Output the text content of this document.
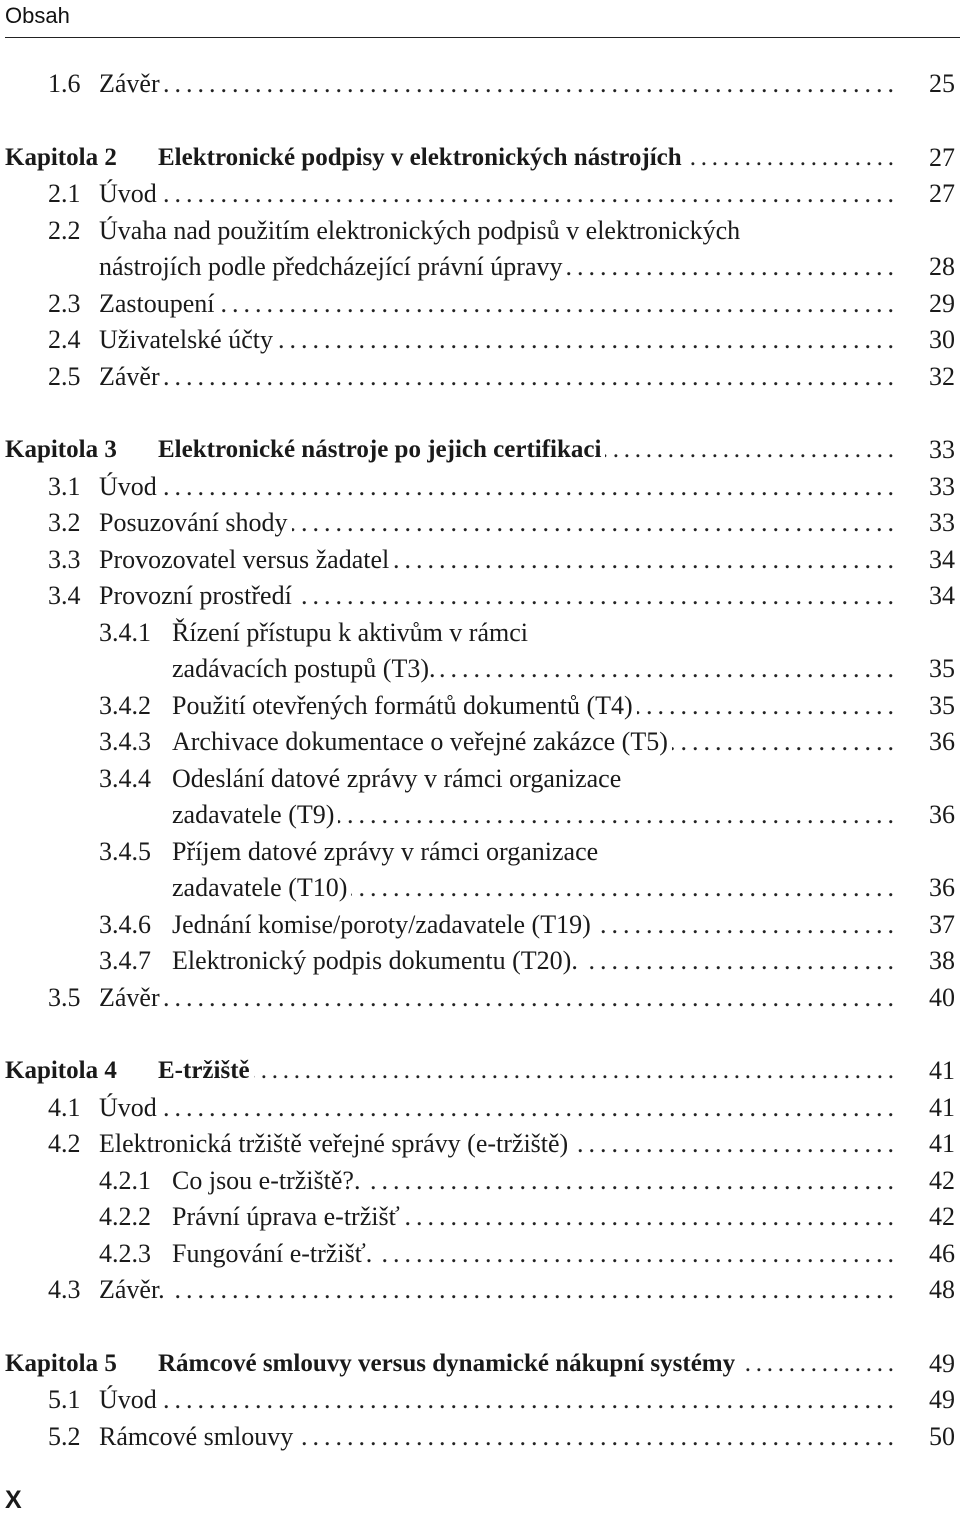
Obsah
1.6 Závěr . . .	25
Kapitola 2 Elektronické podpisy v elektronických nástrojích . . .	27
2.1 Úvod . . .	27
2.2 Úvaha nad použitím elektronických podpisů v elektronických
nástrojích podle předcházející právní úpravy . . .	28
2.3 Zastoupení . . .	29
2.4 Uživatelské účty . . .	30
2.5 Závěr . . .	32
Kapitola 3 Elektronické nástroje po jejich certifikaci . . .	33
3.1 Úvod . . .	33
3.2 Posuzování shody . . .	33
3.3 Provozovatel versus žadatel . . .	34
3.4 Provozní prostředí . . .	34
3.4.1 Řízení přístupu k aktivům v rámci
zadávacích postupů (T3). . . .	35
3.4.2 Použití otevřených formátů dokumentů (T4) . . .	35
3.4.3 Archivace dokumentace o veřejné zakázce (T5) . . .	36
3.4.4 Odeslání datové zprávy v rámci organizace
zadavatele (T9) . . .	36
3.4.5 Příjem datové zprávy v rámci organizace
zadavatele (T10) . . .	36
3.4.6 Jednání komise/poroty/zadavatele (T19) . . .	37
3.4.7 Elektronický podpis dokumentu (T20). . . .	38
3.5 Závěr . . .	40
Kapitola 4 E-tržiště . . .	41
4.1 Úvod . . .	41
4.2 Elektronická tržiště veřejné správy (e-tržiště) . . .	41
4.2.1 Co jsou e-tržiště?. . . .	42
4.2.2 Právní úprava e-tržišť . . .	42
4.2.3 Fungování e-tržišť. . . .	46
4.3 Závěr. . . .	48
Kapitola 5 Rámcové smlouvy versus dynamické nákupní systémy . . .	49
5.1 Úvod . . .	49
5.2 Rámcové smlouvy . . .	50
X
